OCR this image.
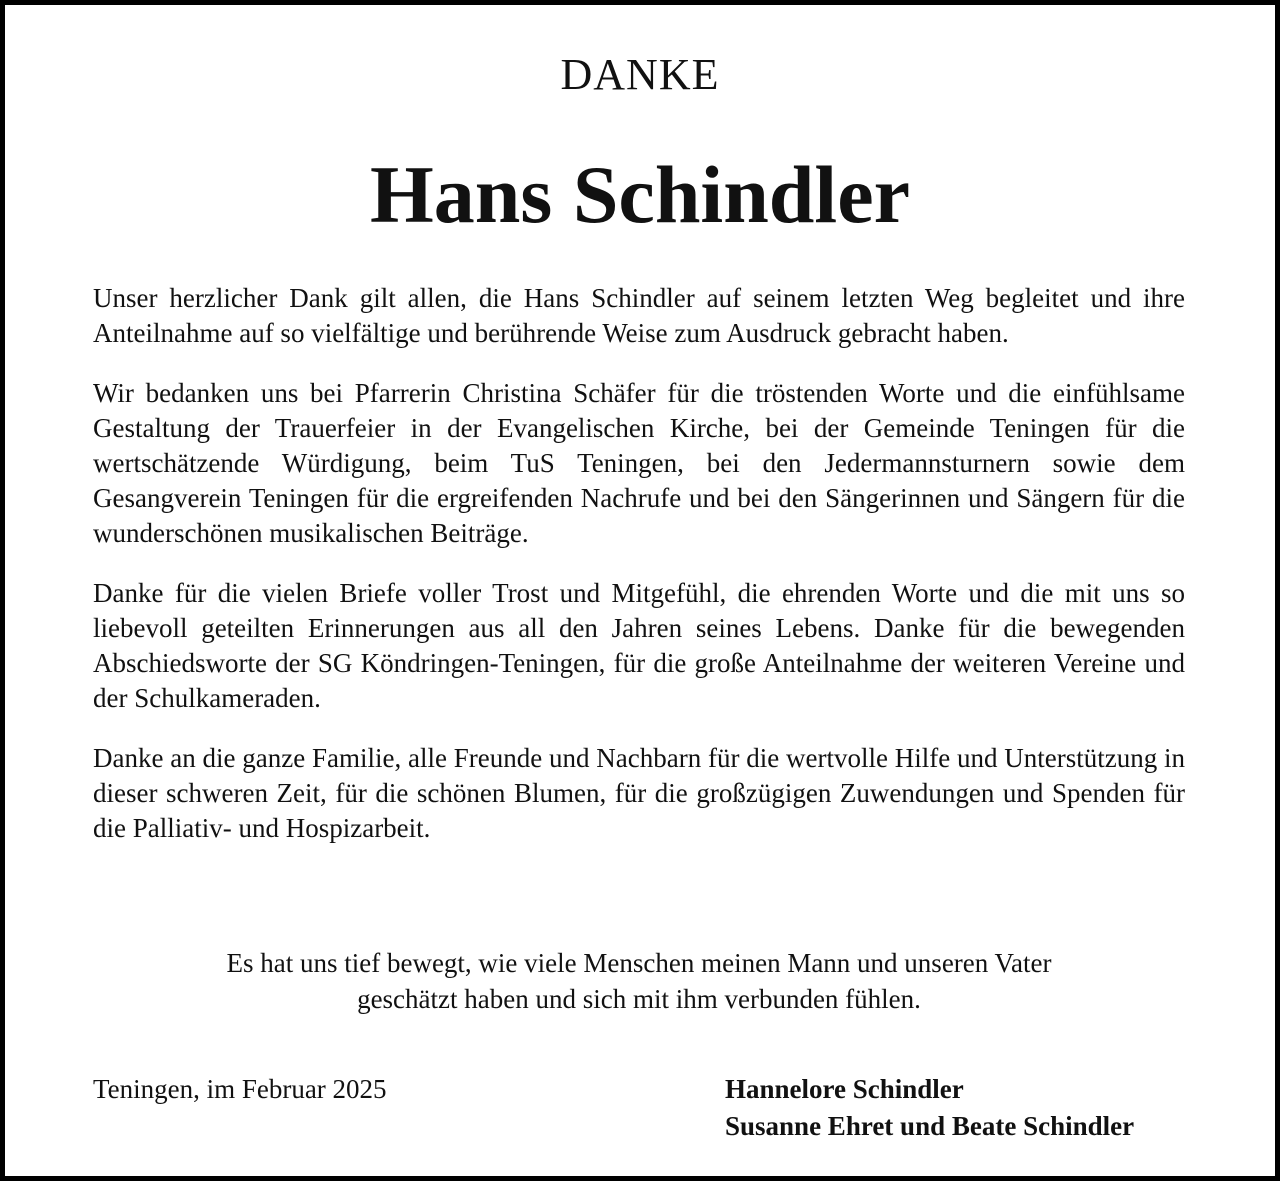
DANKE
Hans Schindler

Unser herzlicher Dank gilt allen, die Hans Schindler auf seinem letzten Weg begleitet und ihre Anteilnahme auf so vielfältige und berührende Weise zum Ausdruck gebracht haben.

Wir bedanken uns bei Pfarrerin Christina Schäfer für die tröstenden Worte und die einfühlsame Gestaltung der Trauerfeier in der Evangelischen Kirche, bei der Gemeinde Teningen für die wertschätzende Würdigung, beim TuS Teningen, bei den Jedermannsturnern sowie dem Gesangverein Teningen für die ergreifenden Nachrufe und bei den Sängerinnen und Sängern für die wunderschönen musikalischen Beiträge.

Danke für die vielen Briefe voller Trost und Mitgefühl, die ehrenden Worte und die mit uns so liebevoll geteilten Erinnerungen aus all den Jahren seines Lebens. Danke für die bewegenden Abschiedsworte der SG Köndringen-Teningen, für die große Anteilnahme der weiteren Vereine und der Schulkameraden.

Danke an die ganze Familie, alle Freunde und Nachbarn für die wertvolle Hilfe und Unterstützung in dieser schweren Zeit, für die schönen Blumen, für die großzügigen Zuwendungen und Spenden für die Palliativ- und Hospizarbeit.

Es hat uns tief bewegt, wie viele Menschen meinen Mann und unseren Vater
geschätzt haben und sich mit ihm verbunden fühlen.
Teningen, im Februar 2025	Hannelore Schindler
Susanne Ehret und Beate Schindler
